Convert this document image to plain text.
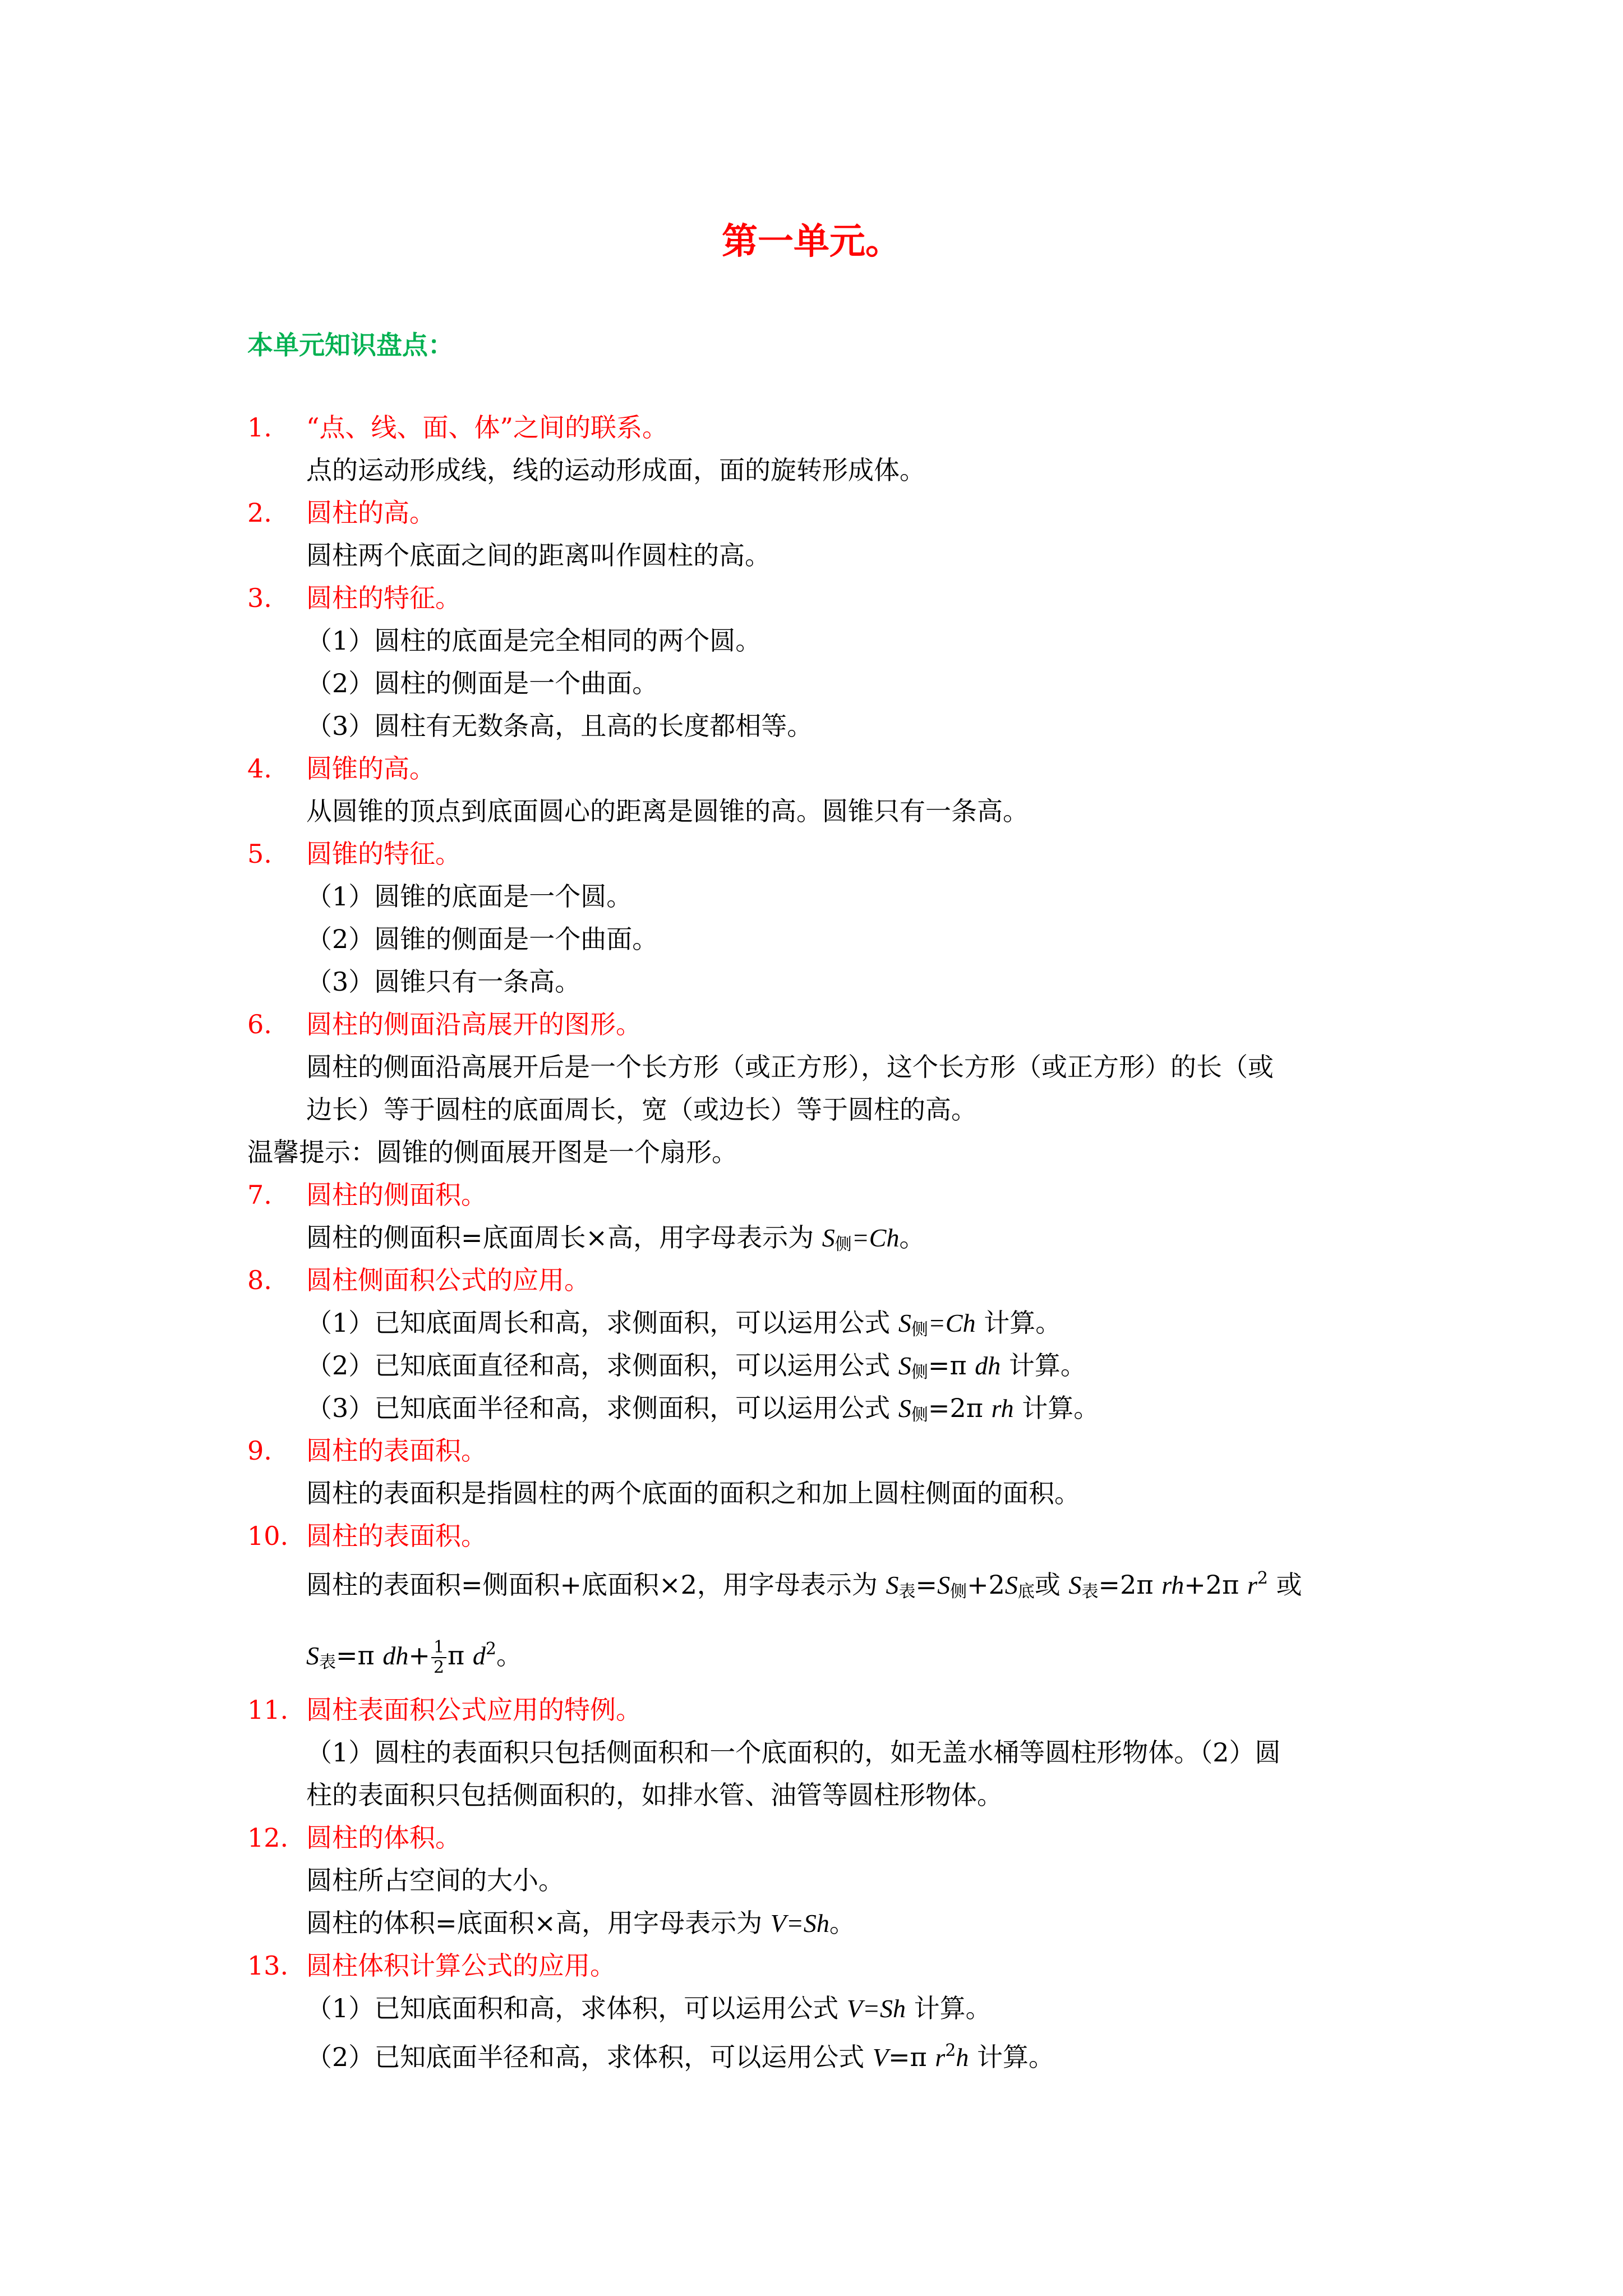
第一单元。
本单元知识盘点：
1. “点、线、面、体”之间的联系。
点的运动形成线，线的运动形成面，面的旋转形成体。
2. 圆柱的高。
圆柱两个底面之间的距离叫作圆柱的高。
3. 圆柱的特征。
（1）圆柱的底面是完全相同的两个圆。
（2）圆柱的侧面是一个曲面。
（3）圆柱有无数条高，且高的长度都相等。
4. 圆锥的高。
从圆锥的顶点到底面圆心的距离是圆锥的高。圆锥只有一条高。
5. 圆锥的特征。
（1）圆锥的底面是一个圆。
（2）圆锥的侧面是一个曲面。
（3）圆锥只有一条高。
6. 圆柱的侧面沿高展开的图形。
圆柱的侧面沿高展开后是一个长方形（或正方形），这个长方形（或正方形）的长（或
边长）等于圆柱的底面周长，宽（或边长）等于圆柱的高。
温馨提示：圆锥的侧面展开图是一个扇形。
7. 圆柱的侧面积。
圆柱的侧面积=底面周长×高，用字母表示为 S侧=Ch。
8. 圆柱侧面积公式的应用。
（1）已知底面周长和高，求侧面积，可以运用公式 S侧=Ch 计算。
（2）已知底面直径和高，求侧面积，可以运用公式 S侧=π dh 计算。
（3）已知底面半径和高，求侧面积，可以运用公式 S侧=2π rh 计算。
9. 圆柱的表面积。
圆柱的表面积是指圆柱的两个底面的面积之和加上圆柱侧面的面积。
10. 圆柱的表面积。
圆柱的表面积=侧面积+底面积×2，用字母表示为 S表=S侧+2S底或 S表=2π rh+2π $r^2$ 或
S表=π $dh+ \frac{1}{2}$ π $d^2$。
11. 圆柱表面积公式应用的特例。
（1）圆柱的表面积只包括侧面积和一个底面积的，如无盖水桶等圆柱形物体。（2）圆
柱的表面积只包括侧面积的，如排水管、油管等圆柱形物体。
12. 圆柱的体积。
圆柱所占空间的大小。
圆柱的体积=底面积×高，用字母表示为 V=Sh。
13. 圆柱体积计算公式的应用。
（1）已知底面积和高，求体积，可以运用公式 V=Sh 计算。
（2）已知底面半径和高，求体积，可以运用公式 V=π $r^2h$ 计算。
